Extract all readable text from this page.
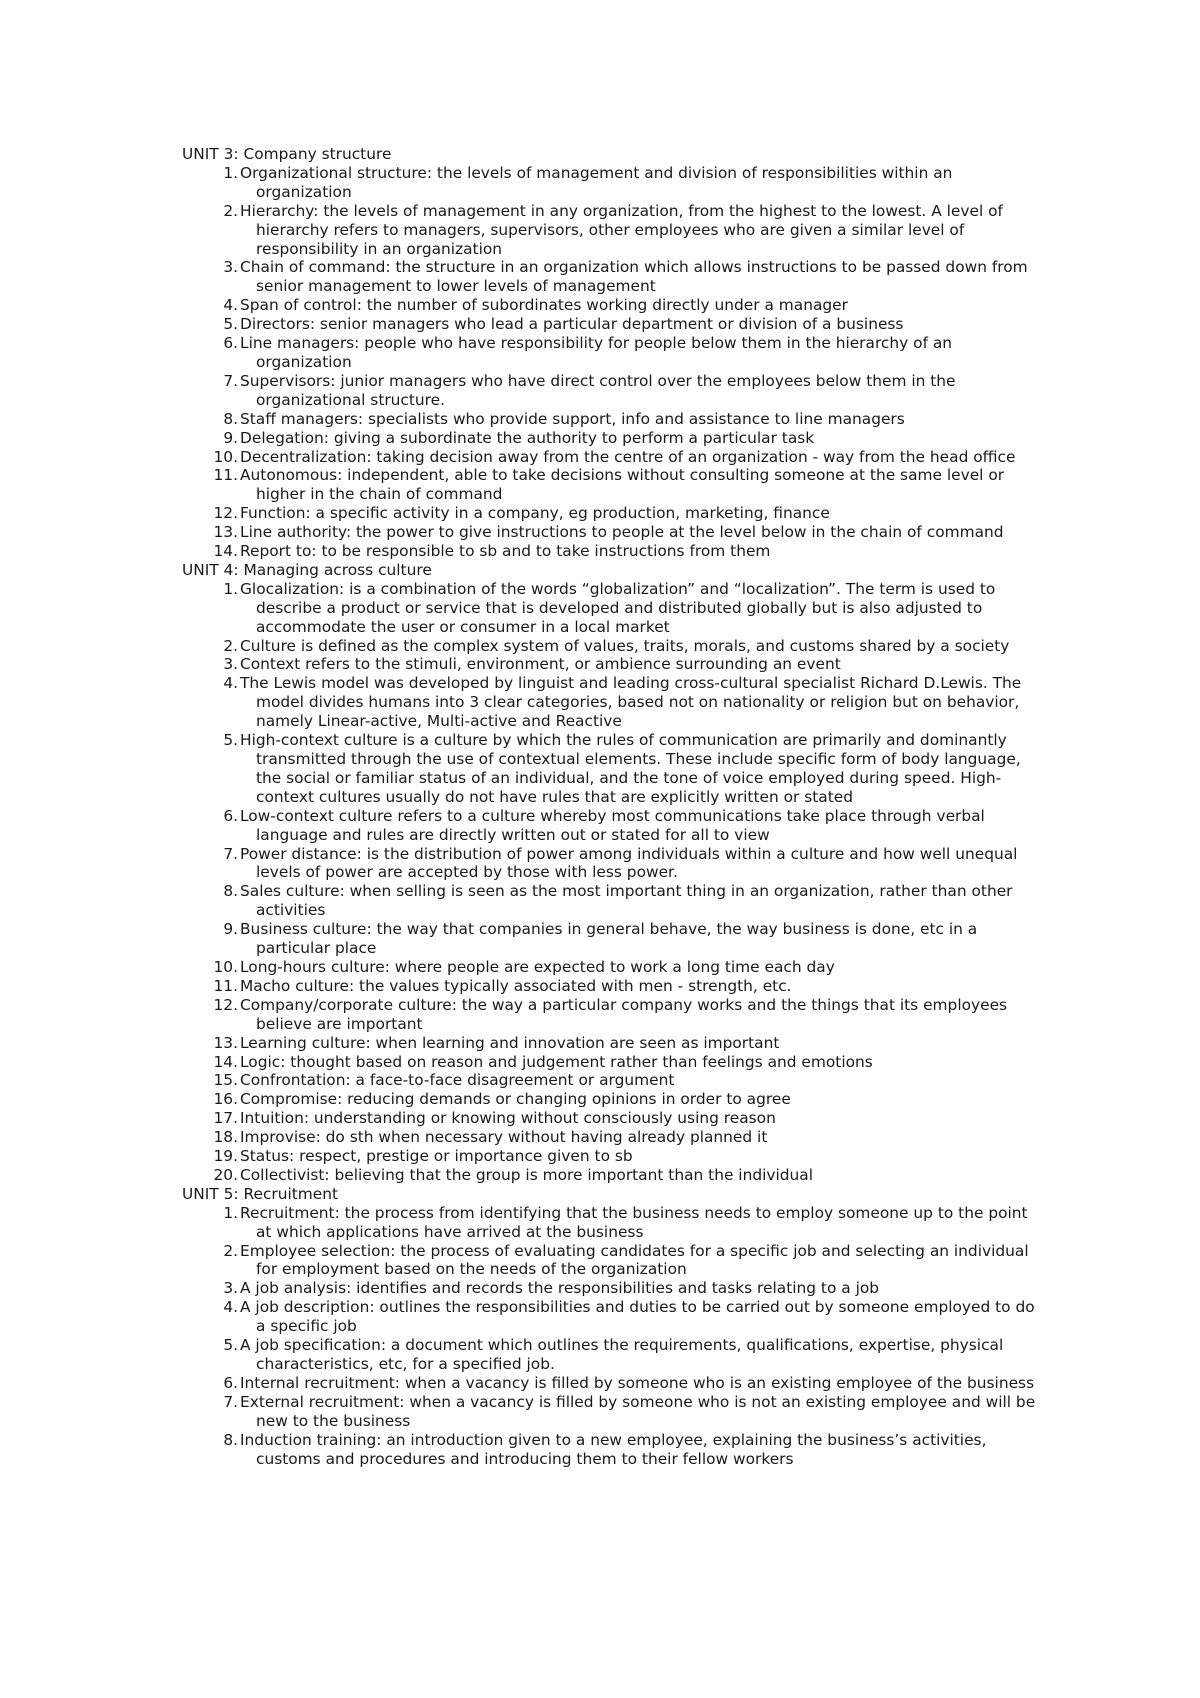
UNIT 3: Company structure
1. Organizational structure: the levels of management and division of responsibilities within an organization
2. Hierarchy: the levels of management in any organization, from the highest to the lowest. A level of hierarchy refers to managers, supervisors, other employees who are given a similar level of responsibility in an organization
3. Chain of command: the structure in an organization which allows instructions to be passed down from senior management to lower levels of management
4. Span of control: the number of subordinates working directly under a manager
5. Directors: senior managers who lead a particular department or division of a business
6. Line managers: people who have responsibility for people below them in the hierarchy of an organization
7. Supervisors: junior managers who have direct control over the employees below them in the organizational structure.
8. Staff managers: specialists who provide support, info and assistance to line managers
9. Delegation: giving a subordinate the authority to perform a particular task
10. Decentralization: taking decision away from the centre of an organization - way from the head office
11. Autonomous: independent, able to take decisions without consulting someone at the same level or higher in the chain of command
12. Function: a specific activity in a company, eg production, marketing, finance
13. Line authority: the power to give instructions to people at the level below in the chain of command
14. Report to: to be responsible to sb and to take instructions from them
UNIT 4: Managing across culture
1. Glocalization: is a combination of the words “globalization” and “localization”. The term is used to describe a product or service that is developed and distributed globally but is also adjusted to accommodate the user or consumer in a local market
2. Culture is defined as the complex system of values, traits, morals, and customs shared by a society
3. Context refers to the stimuli, environment, or ambience surrounding an event
4. The Lewis model was developed by linguist and leading cross-cultural specialist Richard D.Lewis. The model divides humans into 3 clear categories, based not on nationality or religion but on behavior, namely Linear-active, Multi-active and Reactive
5. High-context culture is a culture by which the rules of communication are primarily and dominantly transmitted through the use of contextual elements. These include specific form of body language, the social or familiar status of an individual, and the tone of voice employed during speed. High-context cultures usually do not have rules that are explicitly written or stated
6. Low-context culture refers to a culture whereby most communications take place through verbal language and rules are directly written out or stated for all to view
7. Power distance: is the distribution of power among individuals within a culture and how well unequal levels of power are accepted by those with less power.
8. Sales culture: when selling is seen as the most important thing in an organization, rather than other activities
9. Business culture: the way that companies in general behave, the way business is done, etc in a particular place
10. Long-hours culture: where people are expected to work a long time each day
11. Macho culture: the values typically associated with men - strength, etc.
12. Company/corporate culture: the way a particular company works and the things that its employees believe are important
13. Learning culture: when learning and innovation are seen as important
14. Logic: thought based on reason and judgement rather than feelings and emotions
15. Confrontation: a face-to-face disagreement or argument
16. Compromise: reducing demands or changing opinions in order to agree
17. Intuition: understanding or knowing without consciously using reason
18. Improvise: do sth when necessary without having already planned it
19. Status: respect, prestige or importance given to sb
20. Collectivist: believing that the group is more important than the individual
UNIT 5: Recruitment
1. Recruitment: the process from identifying that the business needs to employ someone up to the point at which applications have arrived at the business
2. Employee selection: the process of evaluating candidates for a specific job and selecting an individual for employment based on the needs of the organization
3. A job analysis: identifies and records the responsibilities and tasks relating to a job
4. A job description: outlines the responsibilities and duties to be carried out by someone employed to do a specific job
5. A job specification: a document which outlines the requirements, qualifications, expertise, physical characteristics, etc, for a specified job.
6. Internal recruitment: when a vacancy is filled by someone who is an existing employee of the business
7. External recruitment: when a vacancy is filled by someone who is not an existing employee and will be new to the business
8. Induction training: an introduction given to a new employee, explaining the business’s activities, customs and procedures and introducing them to their fellow workers
